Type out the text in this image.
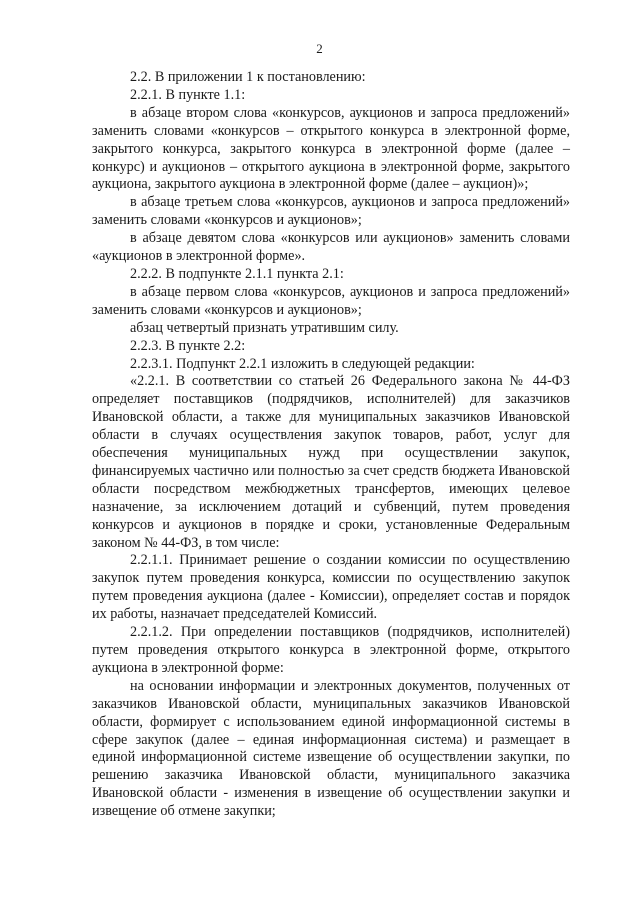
2

2.2. В приложении 1 к постановлению:

2.2.1. В пункте 1.1:

в абзаце втором слова «конкурсов, аукционов и запроса предложений» заменить словами «конкурсов – открытого конкурса в электронной форме, закрытого конкурса, закрытого конкурса в электронной форме (далее – конкурс) и аукционов – открытого аукциона в электронной форме, закрытого аукциона, закрытого аукциона в электронной форме (далее – аукцион)»;

в абзаце третьем слова «конкурсов, аукционов и запроса предложений» заменить словами «конкурсов и аукционов»;

в абзаце девятом слова «конкурсов или аукционов» заменить словами «аукционов в электронной форме».

2.2.2. В подпункте 2.1.1 пункта 2.1:

в абзаце первом слова «конкурсов, аукционов и запроса предложений» заменить словами «конкурсов и аукционов»;

абзац четвертый признать утратившим силу.

2.2.3. В пункте 2.2:

2.2.3.1. Подпункт 2.2.1 изложить в следующей редакции:

«2.2.1. В соответствии со статьей 26 Федерального закона № 44-ФЗ определяет поставщиков (подрядчиков, исполнителей) для заказчиков Ивановской области, а также для муниципальных заказчиков Ивановской области в случаях осуществления закупок товаров, работ, услуг для обеспечения муниципальных нужд при осуществлении закупок, финансируемых частично или полностью за счет средств бюджета Ивановской области посредством межбюджетных трансфертов, имеющих целевое назначение, за исключением дотаций и субвенций, путем проведения конкурсов и аукционов в порядке и сроки, установленные Федеральным законом № 44-ФЗ, в том числе:

2.2.1.1. Принимает решение о создании комиссии по осуществлению закупок путем проведения конкурса, комиссии по осуществлению закупок путем проведения аукциона (далее - Комиссии), определяет состав и порядок их работы, назначает председателей Комиссий.

2.2.1.2. При определении поставщиков (подрядчиков, исполнителей) путем проведения открытого конкурса в электронной форме, открытого аукциона в электронной форме:

на основании информации и электронных документов, полученных от заказчиков Ивановской области, муниципальных заказчиков Ивановской области, формирует с использованием единой информационной системы в сфере закупок (далее – единая информационная система) и размещает в единой информационной системе извещение об осуществлении закупки, по решению заказчика Ивановской области, муниципального заказчика Ивановской области - изменения в извещение об осуществлении закупки и извещение об отмене закупки;
